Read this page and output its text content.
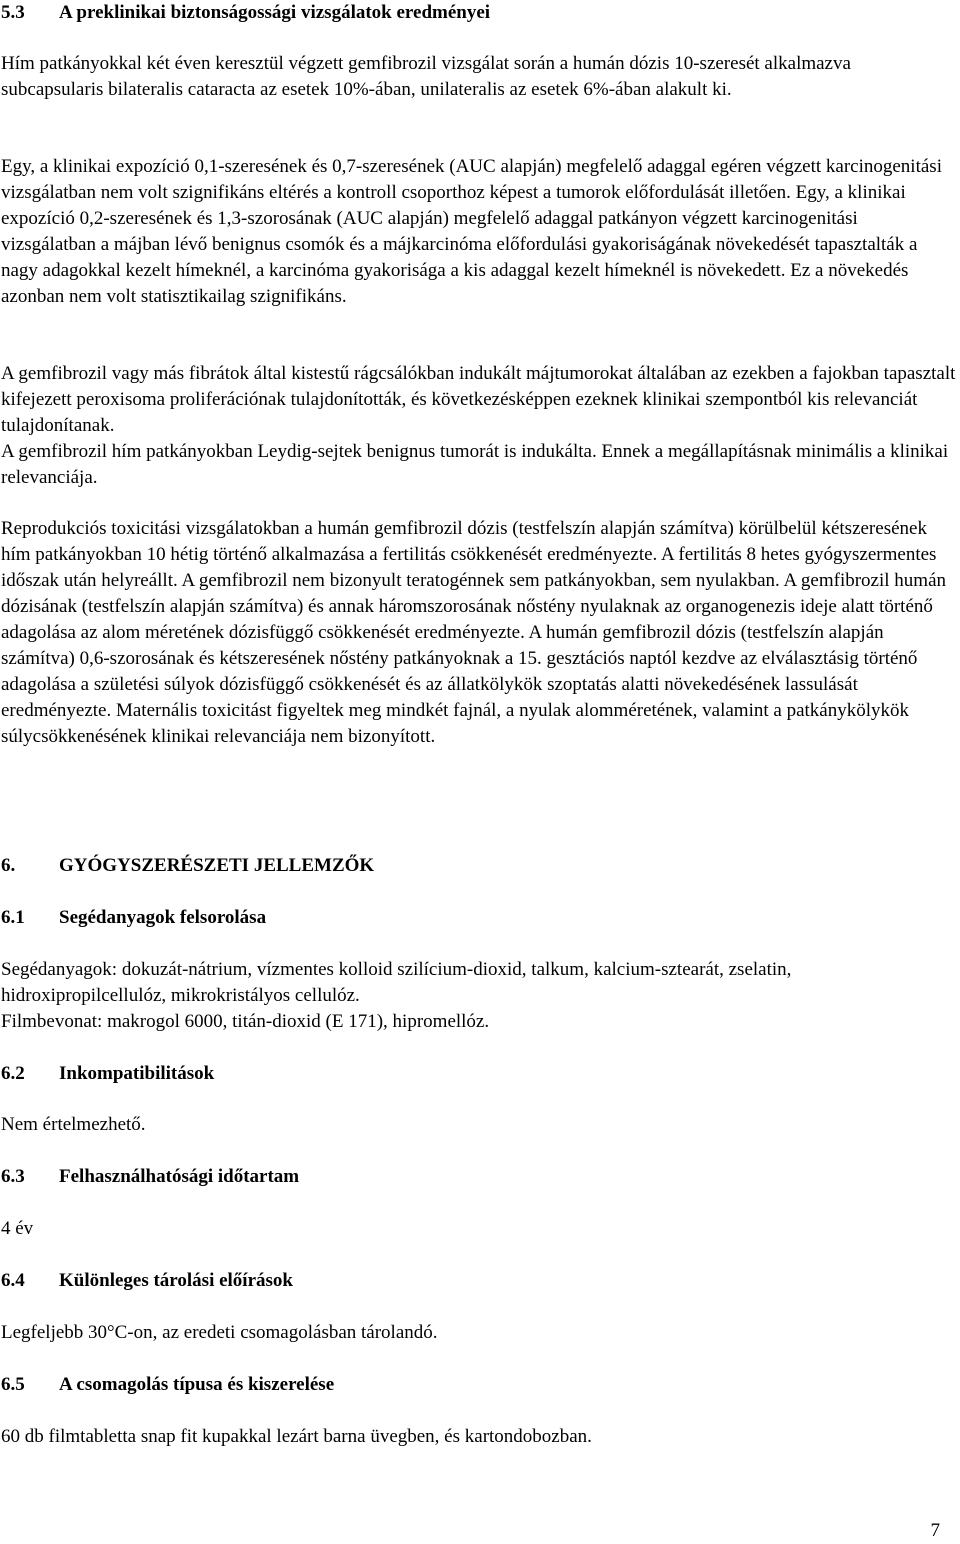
5.3 A preklinikai biztonságossági vizsgálatok eredményei

Hím patkányokkal két éven keresztül végzett gemfibrozil vizsgálat során a humán dózis 10-szeresét alkalmazva subcapsularis bilateralis cataracta az esetek 10%-ában, unilateralis az esetek 6%-ában alakult ki.

Egy, a klinikai expozíció 0,1-szeresének és 0,7-szeresének (AUC alapján) megfelelő adaggal egéren végzett karcinogenitási vizsgálatban nem volt szignifikáns eltérés a kontroll csoporthoz képest a tumorok előfordulását illetően. Egy, a klinikai expozíció 0,2-szeresének és 1,3-szorosának (AUC alapján) megfelelő adaggal patkányon végzett karcinogenitási vizsgálatban a májban lévő benignus csomók és a májkarcinóma előfordulási gyakoriságának növekedését tapasztalták a nagy adagokkal kezelt hímeknél, a karcinóma gyakorisága a kis adaggal kezelt hímeknél is növekedett. Ez a növekedés azonban nem volt statisztikailag szignifikáns.

A gemfibrozil vagy más fibrátok által kistestű rágcsálókban indukált májtumorokat általában az ezekben a fajokban tapasztalt kifejezett peroxisoma proliferációnak tulajdonították, és következésképpen ezeknek klinikai szempontból kis relevanciát tulajdonítanak.

A gemfibrozil hím patkányokban Leydig-sejtek benignus tumorát is indukálta. Ennek a megállapításnak minimális a klinikai relevanciája.

Reprodukciós toxicitási vizsgálatokban a humán gemfibrozil dózis (testfelszín alapján számítva) körülbelül kétszeresének hím patkányokban 10 hétig történő alkalmazása a fertilitás csökkenését eredményezte. A fertilitás 8 hetes gyógyszermentes időszak után helyreállt. A gemfibrozil nem bizonyult teratogénnek sem patkányokban, sem nyulakban. A gemfibrozil humán dózisának (testfelszín alapján számítva) és annak háromszorosának nőstény nyulaknak az organogenezis ideje alatt történő adagolása az alom méretének dózisfüggő csökkenését eredményezte. A humán gemfibrozil dózis (testfelszín alapján számítva) 0,6-szorosának és kétszeresének nőstény patkányoknak a 15. gesztációs naptól kezdve az elválasztásig történő adagolása a születési súlyok dózisfüggő csökkenését és az állatkölykök szoptatás alatti növekedésének lassulását eredményezte. Maternális toxicitást figyeltek meg mindkét fajnál, a nyulak alomméretének, valamint a patkánykölykök súlycsökkenésének klinikai relevanciája nem bizonyított.

6. GYÓGYSZERÉSZETI JELLEMZŐK
6.1 Segédanyagok felsorolása

Segédanyagok: dokuzát-nátrium, vízmentes kolloid szilícium-dioxid, talkum, kalcium-sztearát, zselatin, hidroxipropilcellulóz, mikrokristályos cellulóz.

Filmbevonat: makrogol 6000, titán-dioxid (E 171), hipromellóz.

6.2 Inkompatibilitások

Nem értelmezhető.

6.3 Felhasználhatósági időtartam

4 év

6.4 Különleges tárolási előírások

Legfeljebb 30°C-on, az eredeti csomagolásban tárolandó.

6.5 A csomagolás típusa és kiszerelése

60 db filmtabletta snap fit kupakkal lezárt barna üvegben, és kartondobozban.

7
